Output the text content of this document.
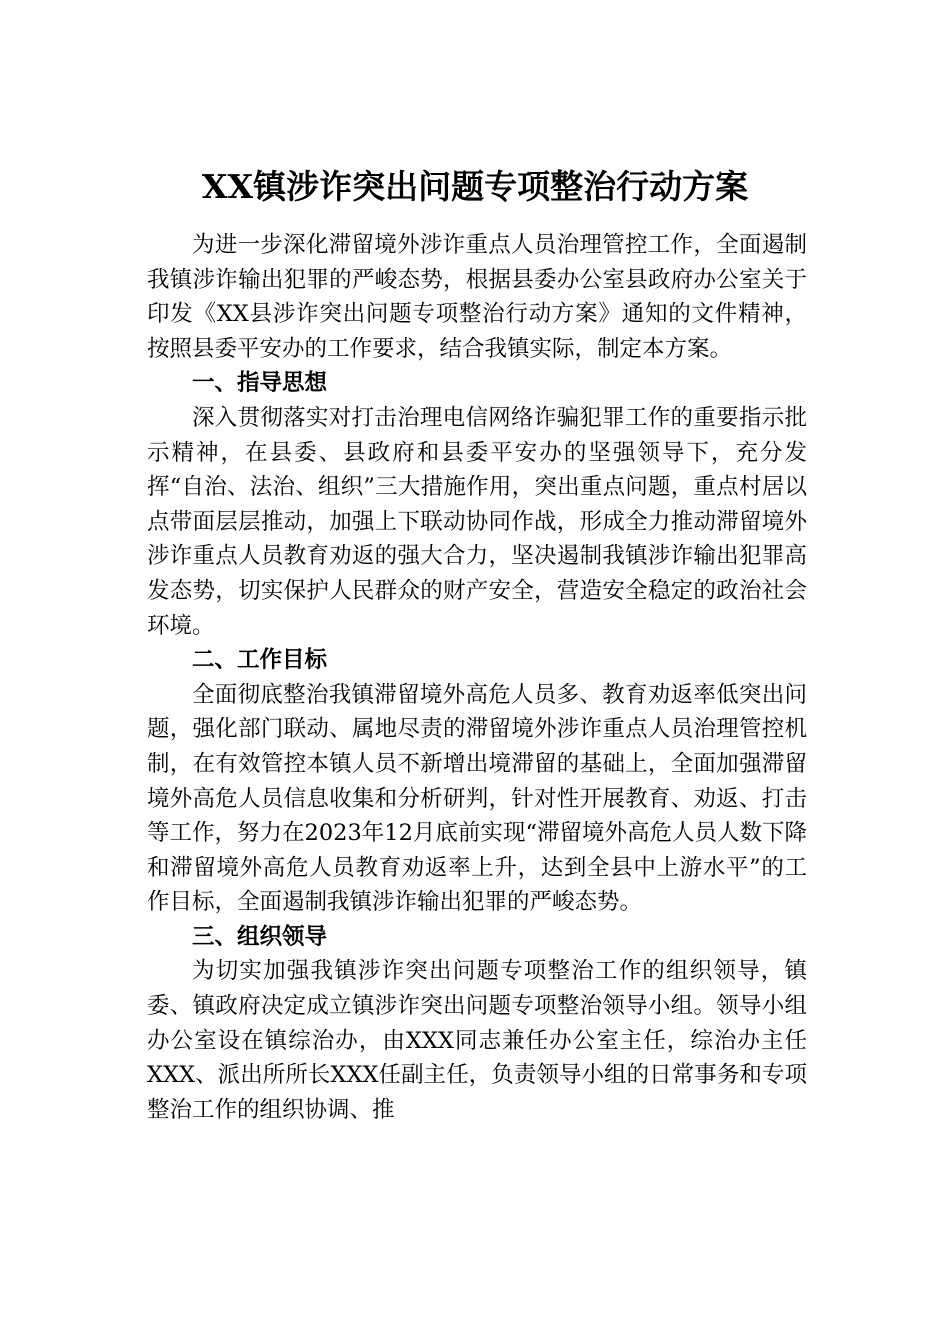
XX镇涉诈突出问题专项整治行动方案

为进一步深化滞留境外涉诈重点人员治理管控工作，全面遏制我镇涉诈输出犯罪的严峻态势，根据县委办公室县政府办公室关于印发《XX县涉诈突出问题专项整治行动方案》通知的文件精神，按照县委平安办的工作要求，结合我镇实际，制定本方案。

一、指导思想

深入贯彻落实对打击治理电信网络诈骗犯罪工作的重要指示批示精神，在县委、县政府和县委平安办的坚强领导下，充分发挥“自治、法治、组织”三大措施作用，突出重点问题，重点村居以点带面层层推动，加强上下联动协同作战，形成全力推动滞留境外涉诈重点人员教育劝返的强大合力，坚决遏制我镇涉诈输出犯罪高发态势，切实保护人民群众的财产安全，营造安全稳定的政治社会环境。

二、工作目标

全面彻底整治我镇滞留境外高危人员多、教育劝返率低突出问题，强化部门联动、属地尽责的滞留境外涉诈重点人员治理管控机制，在有效管控本镇人员不新增出境滞留的基础上，全面加强滞留境外高危人员信息收集和分析研判，针对性开展教育、劝返、打击等工作，努力在2023年12月底前实现“滞留境外高危人员人数下降和滞留境外高危人员教育劝返率上升，达到全县中上游水平”的工作目标，全面遏制我镇涉诈输出犯罪的严峻态势。

三、组织领导

为切实加强我镇涉诈突出问题专项整治工作的组织领导，镇委、镇政府决定成立镇涉诈突出问题专项整治领导小组。领导小组办公室设在镇综治办，由XXX同志兼任办公室主任，综治办主任XXX、派出所所长XXX任副主任，负责领导小组的日常事务和专项整治工作的组织协调、推
